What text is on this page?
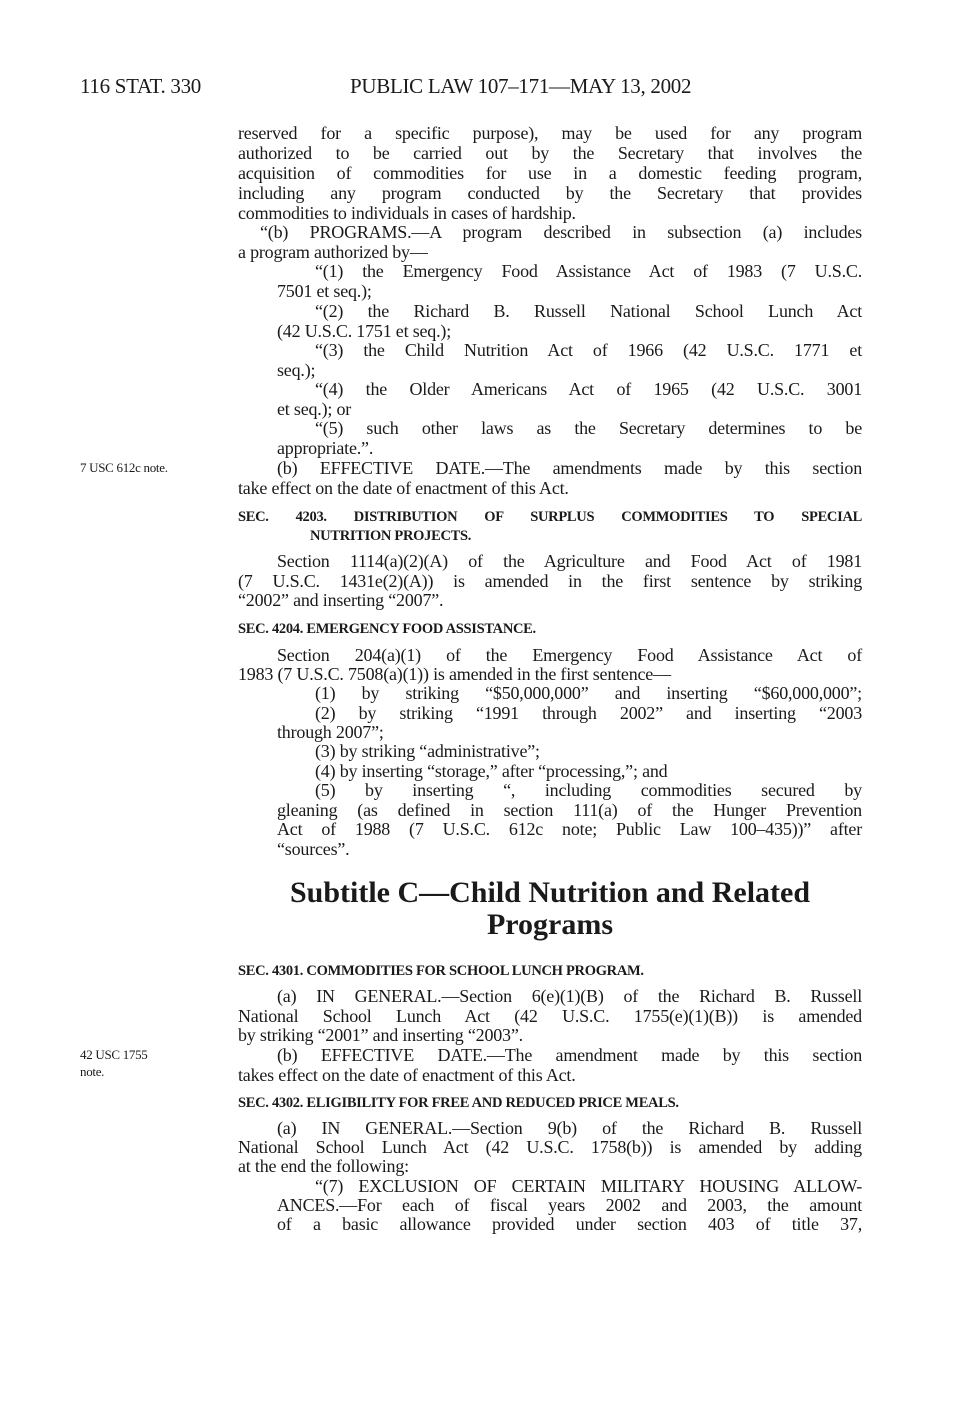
116 STAT. 330	PUBLIC LAW 107–171—MAY 13, 2002
7 USC 612c note.
42 USC 1755
note.
Subtitle C—Child Nutrition and Related
Programs
reserved for a specific purpose), may be used for any program
authorized to be carried out by the Secretary that involves the
acquisition of commodities for use in a domestic feeding program,
including any program conducted by the Secretary that provides
commodities to individuals in cases of hardship.
“(b) PROGRAMS.—A program described in subsection (a) includes
a program authorized by—
“(1) the Emergency Food Assistance Act of 1983 (7 U.S.C.
7501 et seq.);
“(2) the Richard B. Russell National School Lunch Act
(42 U.S.C. 1751 et seq.);
“(3) the Child Nutrition Act of 1966 (42 U.S.C. 1771 et
seq.);
“(4) the Older Americans Act of 1965 (42 U.S.C. 3001
et seq.); or
“(5) such other laws as the Secretary determines to be
appropriate.”.
(b) EFFECTIVE DATE.—The amendments made by this section
take effect on the date of enactment of this Act.
SEC. 4203. DISTRIBUTION OF SURPLUS COMMODITIES TO SPECIAL
NUTRITION PROJECTS.
Section 1114(a)(2)(A) of the Agriculture and Food Act of 1981
(7 U.S.C. 1431e(2)(A)) is amended in the first sentence by striking
“2002” and inserting “2007”.
SEC. 4204. EMERGENCY FOOD ASSISTANCE.
Section 204(a)(1) of the Emergency Food Assistance Act of
1983 (7 U.S.C. 7508(a)(1)) is amended in the first sentence—
(1) by striking “$50,000,000” and inserting “$60,000,000”;
(2) by striking “1991 through 2002” and inserting “2003
through 2007”;
(3) by striking “administrative”;
(4) by inserting “storage,” after “processing,”; and
(5) by inserting “, including commodities secured by
gleaning (as defined in section 111(a) of the Hunger Prevention
Act of 1988 (7 U.S.C. 612c note; Public Law 100–435))” after
“sources”.
SEC. 4301. COMMODITIES FOR SCHOOL LUNCH PROGRAM.
(a) IN GENERAL.—Section 6(e)(1)(B) of the Richard B. Russell
National School Lunch Act (42 U.S.C. 1755(e)(1)(B)) is amended
by striking “2001” and inserting “2003”.
(b) EFFECTIVE DATE.—The amendment made by this section
takes effect on the date of enactment of this Act.
SEC. 4302. ELIGIBILITY FOR FREE AND REDUCED PRICE MEALS.
(a) IN GENERAL.—Section 9(b) of the Richard B. Russell
National School Lunch Act (42 U.S.C. 1758(b)) is amended by adding
at the end the following:
“(7) EXCLUSION OF CERTAIN MILITARY HOUSING ALLOW-
ANCES.—For each of fiscal years 2002 and 2003, the amount
of a basic allowance provided under section 403 of title 37,
